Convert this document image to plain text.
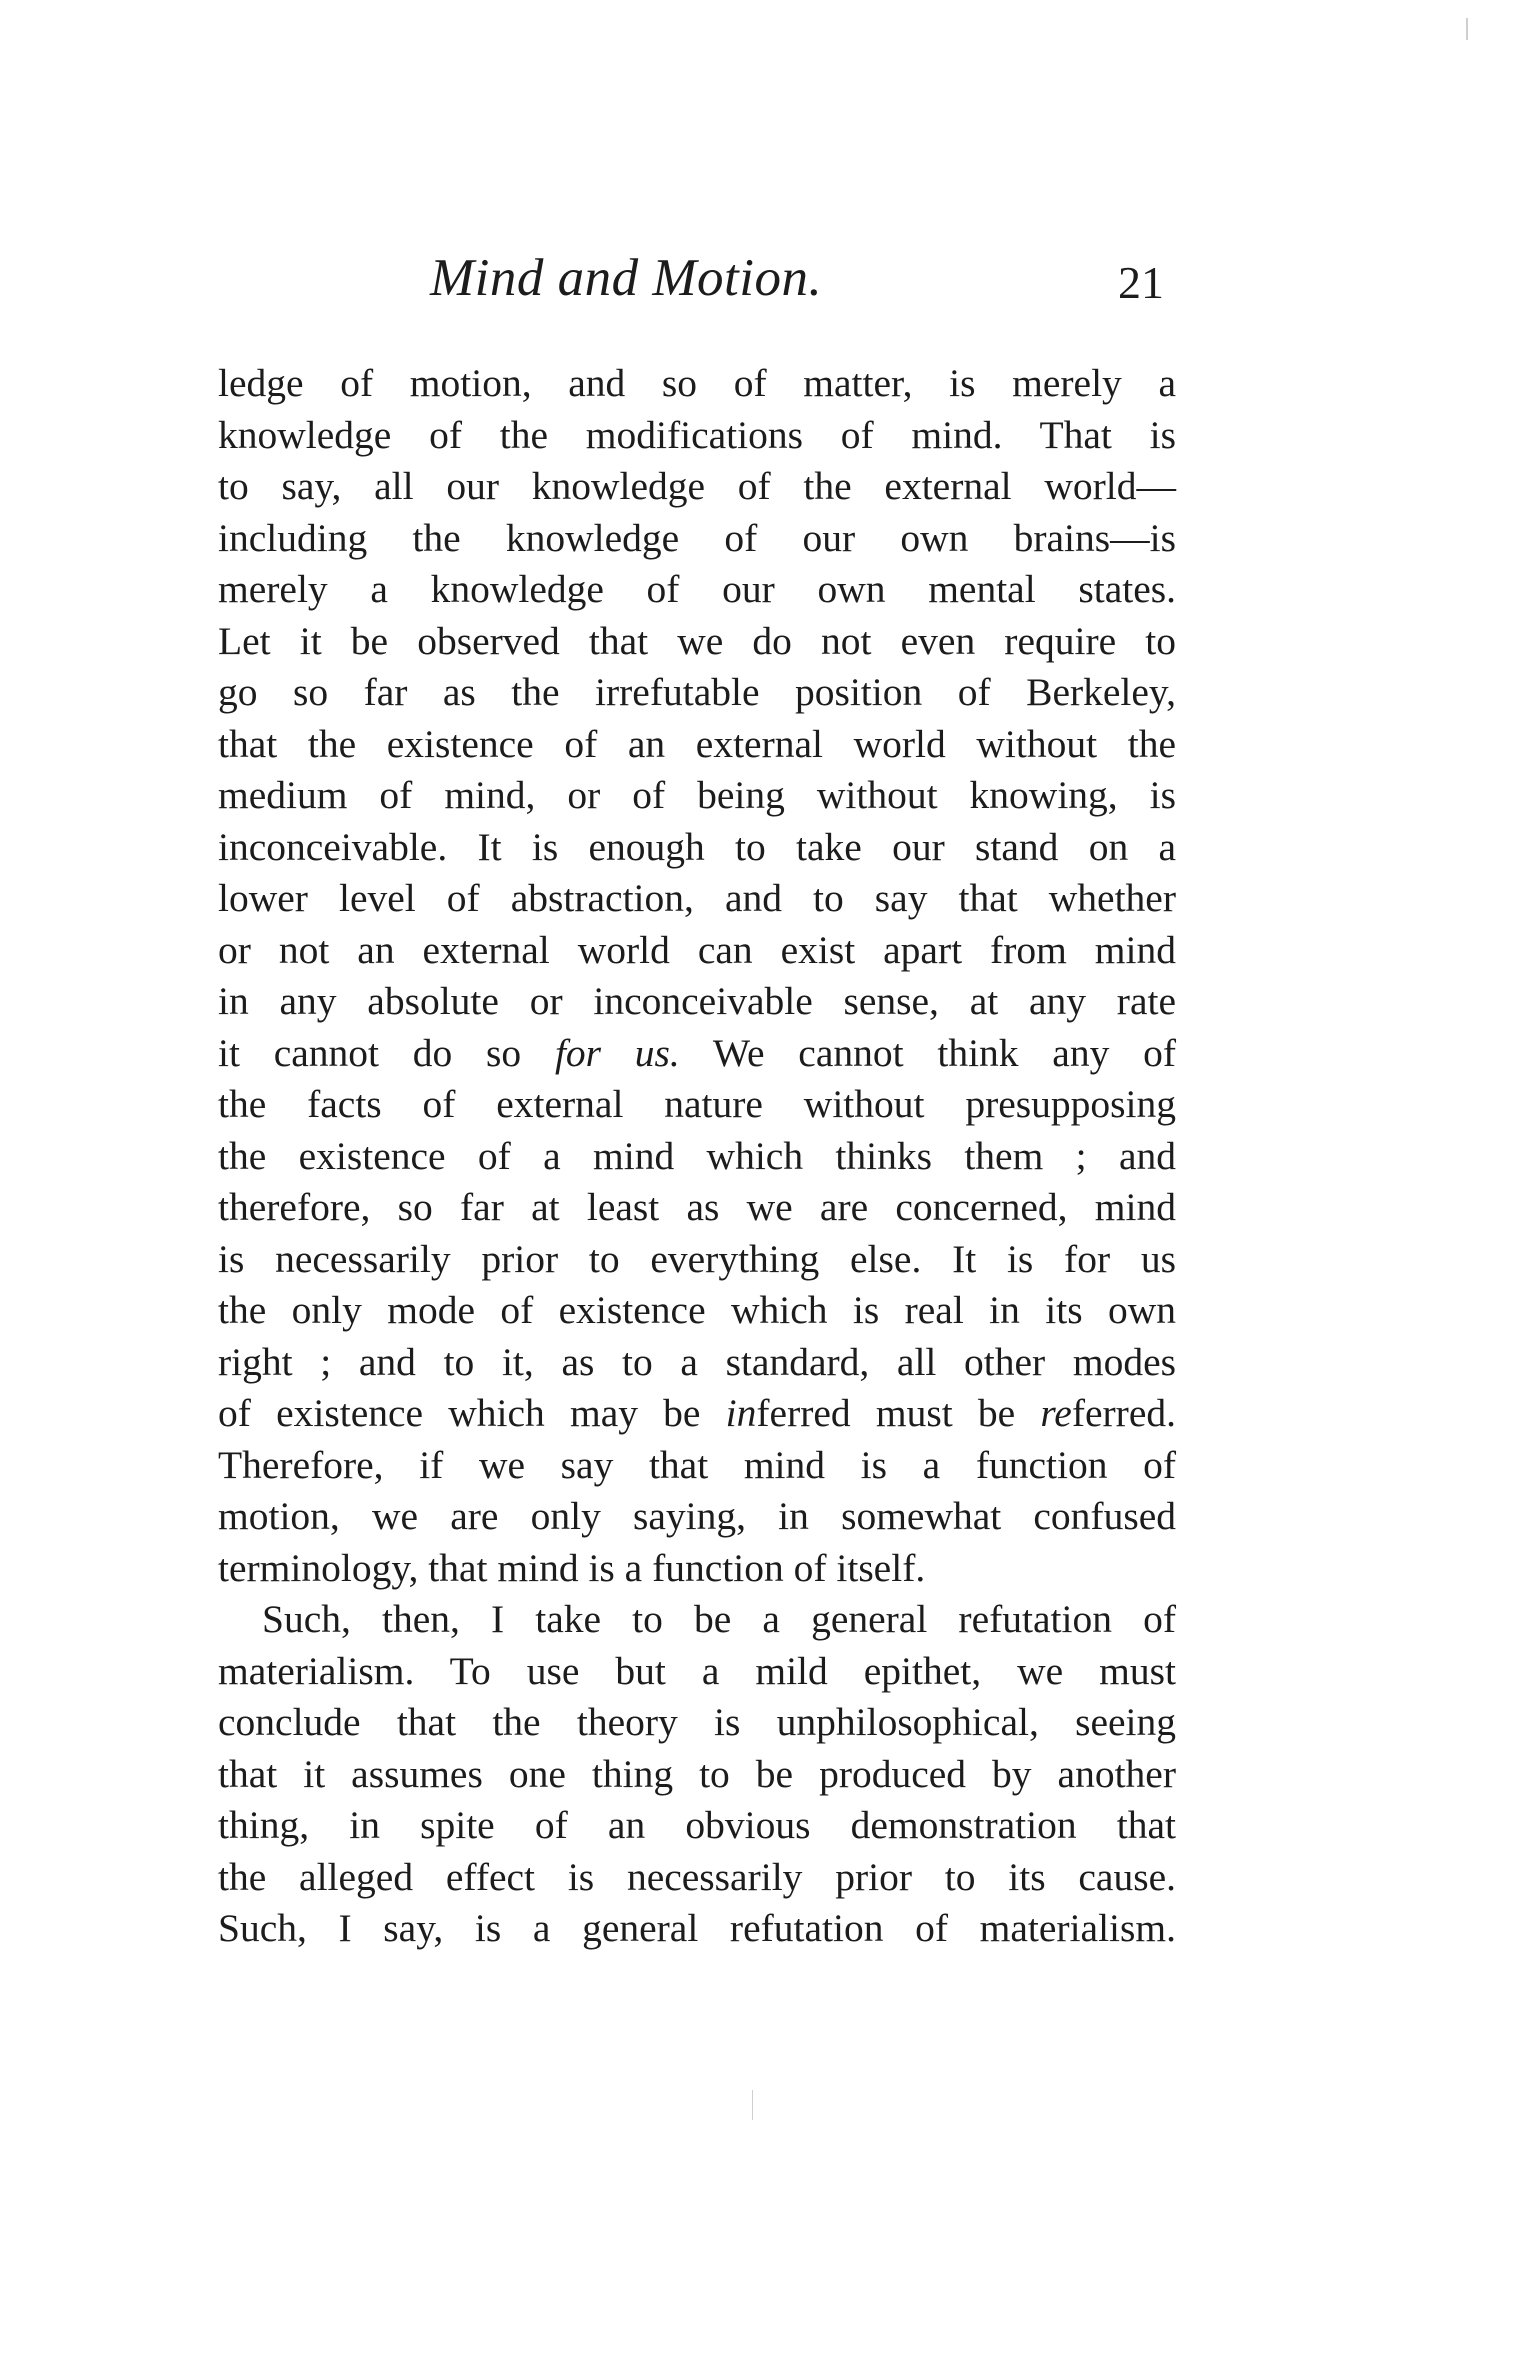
Mind and Motion.	21
ledge of motion, and so of matter, is merely a
knowledge of the modifications of mind. That is
to say, all our knowledge of the external world—
including the knowledge of our own brains—is
merely a knowledge of our own mental states.
Let it be observed that we do not even require to
go so far as the irrefutable position of Berkeley,
that the existence of an external world without the
medium of mind, or of being without knowing, is
inconceivable. It is enough to take our stand on a
lower level of abstraction, and to say that whether
or not an external world can exist apart from mind
in any absolute or inconceivable sense, at any rate
it cannot do so for us. We cannot think any of
the facts of external nature without presupposing
the existence of a mind which thinks them ; and
therefore, so far at least as we are concerned, mind
is necessarily prior to everything else. It is for us
the only mode of existence which is real in its own
right ; and to it, as to a standard, all other modes
of existence which may be inferred must be referred.
Therefore, if we say that mind is a function of
motion, we are only saying, in somewhat confused
terminology, that mind is a function of itself.
Such, then, I take to be a general refutation of
materialism. To use but a mild epithet, we must
conclude that the theory is unphilosophical, seeing
that it assumes one thing to be produced by another
thing, in spite of an obvious demonstration that
the alleged effect is necessarily prior to its cause.
Such, I say, is a general refutation of materialism.
